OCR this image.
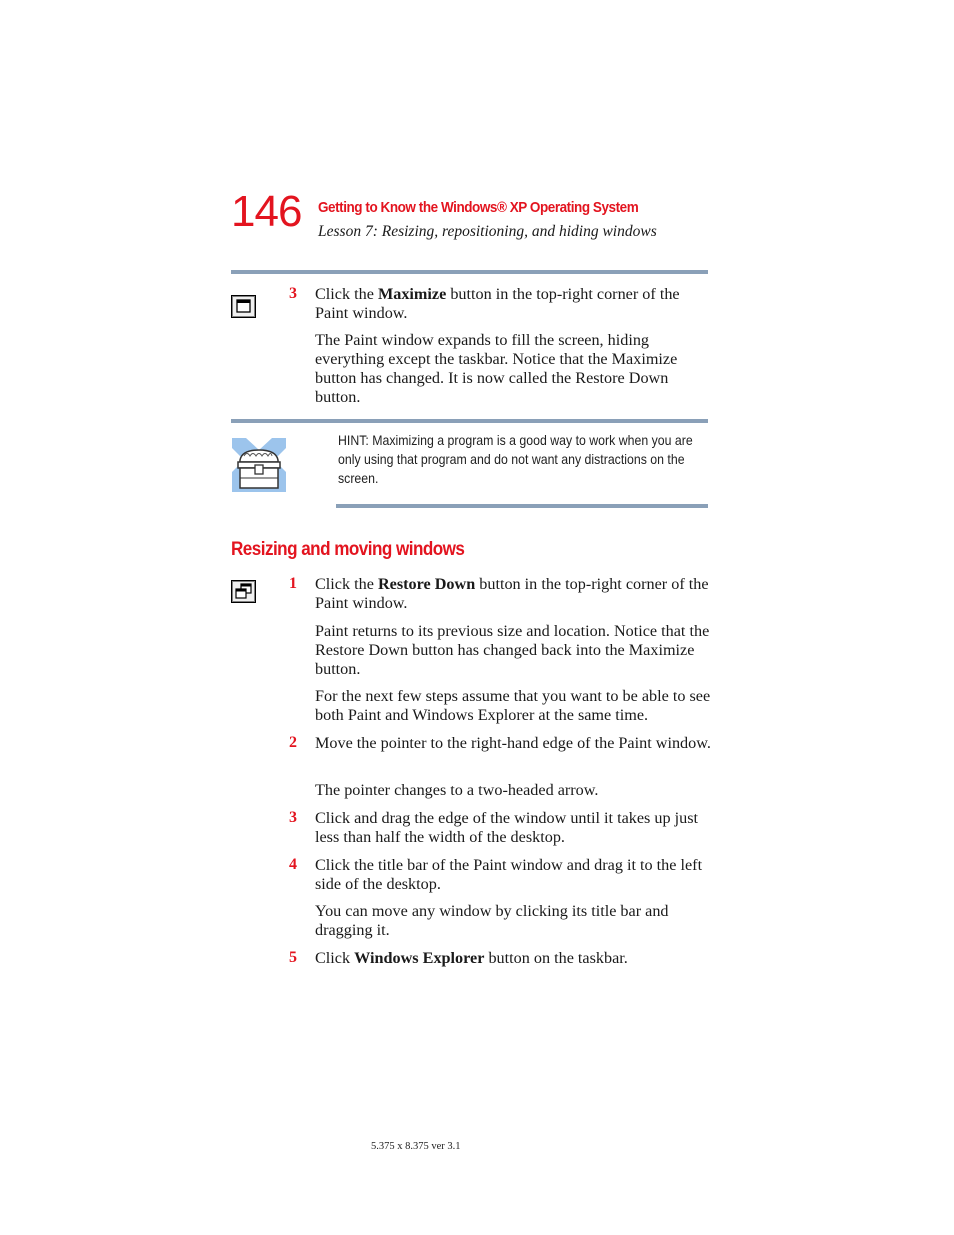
146 Getting to Know the Windows® XP Operating System
Lesson 7: Resizing, repositioning, and hiding windows
3 Click the Maximize button in the top-right corner of the Paint window.
The Paint window expands to fill the screen, hiding everything except the taskbar. Notice that the Maximize button has changed. It is now called the Restore Down button.
HINT: Maximizing a program is a good way to work when you are only using that program and do not want any distractions on the screen.
Resizing and moving windows
1 Click the Restore Down button in the top-right corner of the Paint window.
Paint returns to its previous size and location. Notice that the Restore Down button has changed back into the Maximize button.
For the next few steps assume that you want to be able to see both Paint and Windows Explorer at the same time.
2 Move the pointer to the right-hand edge of the Paint window.
The pointer changes to a two-headed arrow.
3 Click and drag the edge of the window until it takes up just less than half the width of the desktop.
4 Click the title bar of the Paint window and drag it to the left side of the desktop.
You can move any window by clicking its title bar and dragging it.
5 Click Windows Explorer button on the taskbar.
5.375 x 8.375 ver 3.1
